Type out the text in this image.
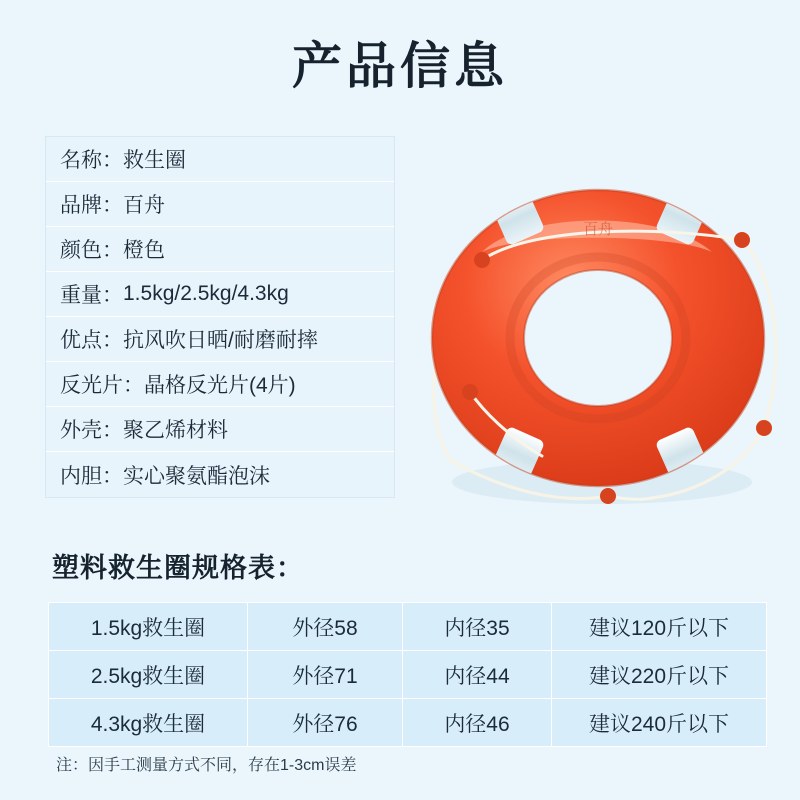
产品信息
名称： 救生圈
品牌： 百舟
颜色： 橙色
重量： 1.5kg/2.5kg/4.3kg
优点： 抗风吹日晒/耐磨耐摔
反光片： 晶格反光片(4片)
外壳： 聚乙烯材料
内胆： 实心聚氨酯泡沫
百舟
塑料救生圈规格表：
1.5kg救生圈	外径58	内径35	建议120斤以下
2.5kg救生圈	外径71	内径44	建议220斤以下
4.3kg救生圈	外径76	内径46	建议240斤以下
注：因手工测量方式不同，存在1-3cm误差
